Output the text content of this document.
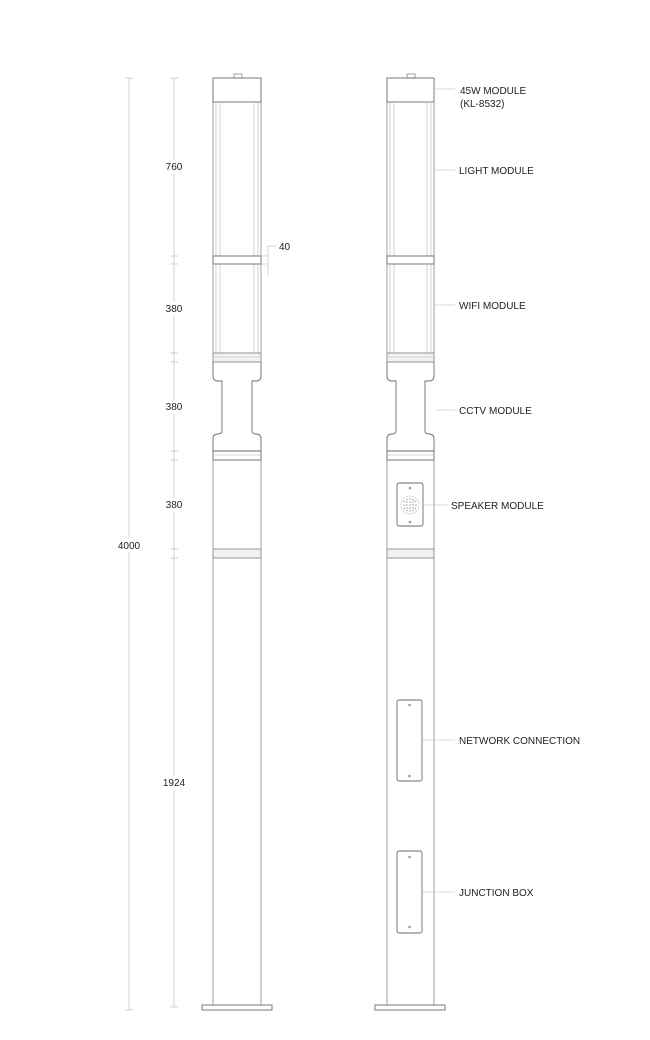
4000
760
380
380
380
1924
40
45W MODULE
(KL-8532)
LIGHT MODULE
WIFI MODULE
CCTV MODULE
SPEAKER MODULE
NETWORK CONNECTION
JUNCTION BOX
